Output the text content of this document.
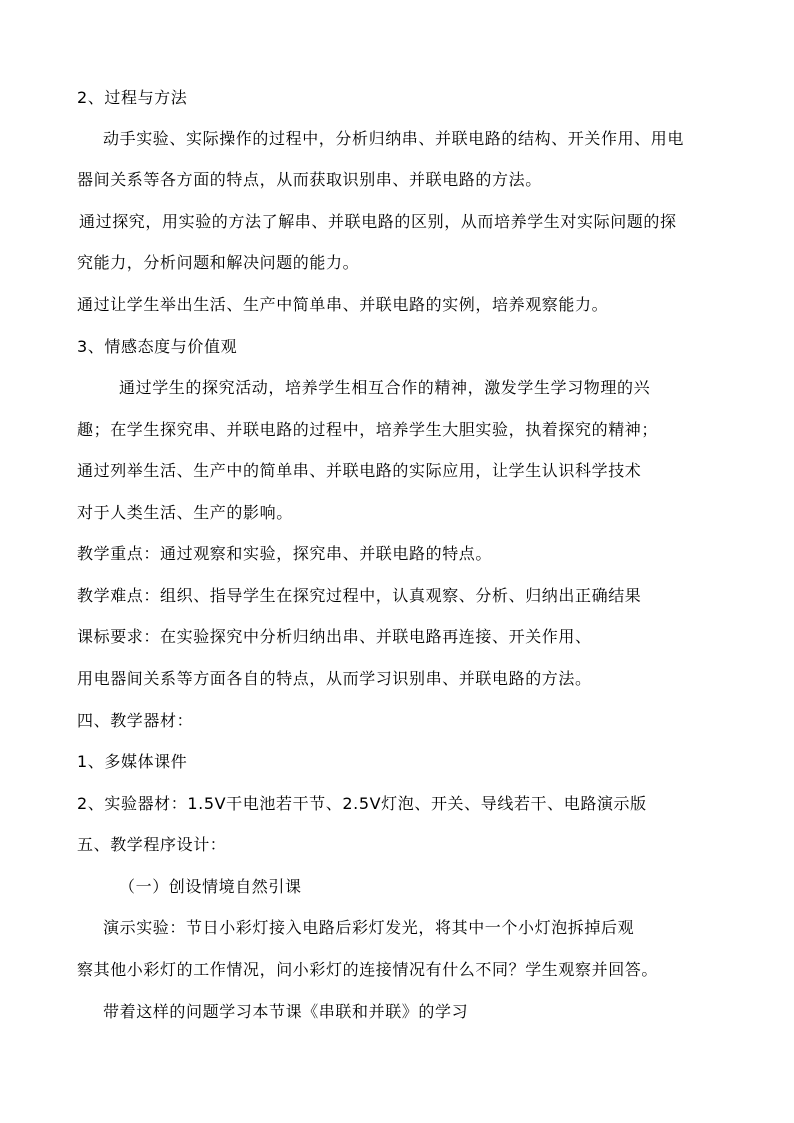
2、过程与方法
动手实验、实际操作的过程中，分析归纳串、并联电路的结构、开关作用、用电
器间关系等各方面的特点，从而获取识别串、并联电路的方法。
通过探究，用实验的方法了解串、并联电路的区别，从而培养学生对实际问题的探
究能力，分析问题和解决问题的能力。
通过让学生举出生活、生产中简单串、并联电路的实例，培养观察能力。
3、情感态度与价值观
通过学生的探究活动，培养学生相互合作的精神，激发学生学习物理的兴
趣；在学生探究串、并联电路的过程中，培养学生大胆实验，执着探究的精神；
通过列举生活、生产中的简单串、并联电路的实际应用，让学生认识科学技术
对于人类生活、生产的影响。
教学重点：通过观察和实验，探究串、并联电路的特点。
教学难点：组织、指导学生在探究过程中，认真观察、分析、归纳出正确结果
课标要求：在实验探究中分析归纳出串、并联电路再连接、开关作用、
用电器间关系等方面各自的特点，从而学习识别串、并联电路的方法。
四、教学器材：
1、多媒体课件
2、实验器材：1.5V干电池若干节、2.5V灯泡、开关、导线若干、电路演示版
五、教学程序设计：
（一）创设情境自然引课
演示实验：节日小彩灯接入电路后彩灯发光，将其中一个小灯泡拆掉后观
察其他小彩灯的工作情况，问小彩灯的连接情况有什么不同？学生观察并回答。
带着这样的问题学习本节课《串联和并联》的学习
